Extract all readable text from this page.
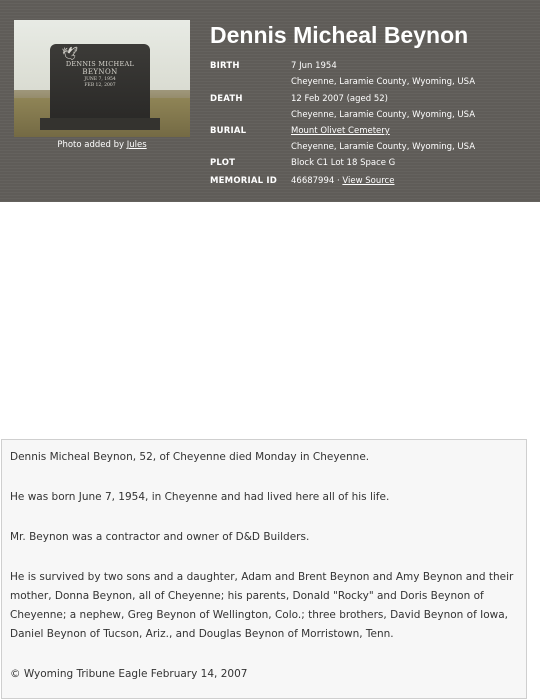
🕊
DENNIS MICHEAL
BEYNON
JUNE 7, 1954
FEB 12, 2007
Photo added by Jules
Dennis Micheal Beynon
BIRTH	7 Jun 1954
Cheyenne, Laramie County, Wyoming, USA
DEATH	12 Feb 2007 (aged 52)
Cheyenne, Laramie County, Wyoming, USA
BURIAL	Mount Olivet Cemetery
Cheyenne, Laramie County, Wyoming, USA
PLOT	Block C1 Lot 18 Space G
MEMORIAL ID 46687994 · View Source

Dennis Micheal Beynon, 52, of Cheyenne died Monday in Cheyenne.

He was born June 7, 1954, in Cheyenne and had lived here all of his life.

Mr. Beynon was a contractor and owner of D&D Builders.

He is survived by two sons and a daughter, Adam and Brent Beynon and Amy Beynon and their mother, Donna Beynon, all of Cheyenne; his parents, Donald "Rocky" and Doris Beynon of Cheyenne; a nephew, Greg Beynon of Wellington, Colo.; three brothers, David Beynon of Iowa, Daniel Beynon of Tucson, Ariz., and Douglas Beynon of Morristown, Tenn.

© Wyoming Tribune Eagle February 14, 2007
